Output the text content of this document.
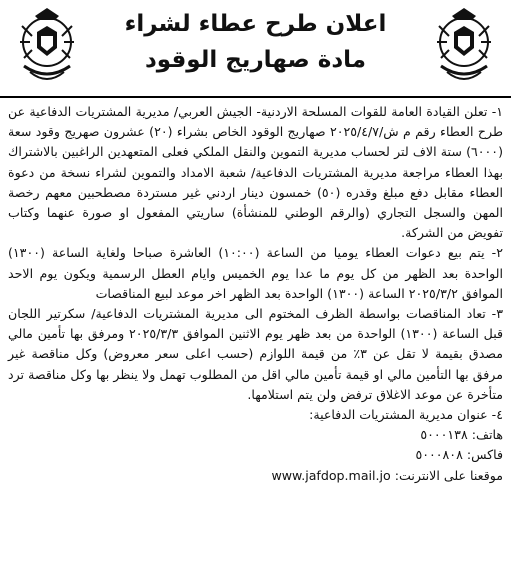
اعلان طرح عطاء لشراء
مادة صهاريج الوقود

١- تعلن القيادة العامة للقوات المسلحة الاردنية- الجيش العربي/ مديرية المشتريات الدفاعية عن طرح العطاء رقم م ش/٢٠٢٥/٤/٧ صهاريج الوقود الخاص بشراء (٢٠) عشرون صهريج وقود سعة (٦٠٠٠) ستة الاف لتر لحساب مديرية التموين والنقل الملكي فعلى المتعهدين الراغبين بالاشتراك بهذا العطاء مراجعة مديرية المشتريات الدفاعية/ شعبة الامداد والتموين لشراء نسخة من دعوة العطاء مقابل دفع مبلغ وقدره (٥٠) خمسون دينار اردني غير مستردة مصطحبين معهم رخصة المهن والسجل التجاري (والرقم الوطني للمنشأة) ساريتي المفعول او صورة عنهما وكتاب تفويض من الشركة.

٢- يتم بيع دعوات العطاء يوميا من الساعة (١٠:٠٠) العاشرة صباحا ولغاية الساعة (١٣٠٠) الواحدة بعد الظهر من كل يوم ما عدا يوم الخميس وايام العطل الرسمية ويكون يوم الاحد الموافق ٢٠٢٥/٣/٢ الساعة (١٣٠٠) الواحدة بعد الظهر اخر موعد لبيع المناقصات

٣- تعاد المناقصات بواسطة الظرف المختوم الى مديرية المشتريات الدفاعية/ سكرتير اللجان قبل الساعة (١٣٠٠) الواحدة من بعد ظهر يوم الاثنين الموافق ٢٠٢٥/٣/٣ ومرفق بها تأمين مالي مصدق بقيمة لا تقل عن ٣٪ من قيمة اللوازم (حسب اعلى سعر معروض) وكل مناقصة غير مرفق بها التأمين مالي او قيمة تأمين مالي اقل من المطلوب تهمل ولا ينظر بها وكل مناقصة ترد متأخرة عن موعد الاغلاق ترفض ولن يتم استلامها.

٤- عنوان مديرية المشتريات الدفاعية:

هاتف: ٥٠٠٠١٣٨

فاكس: ٥٠٠٠٨٠٨

موقعنا على الانترنت: www.jafdop.mail.jo
